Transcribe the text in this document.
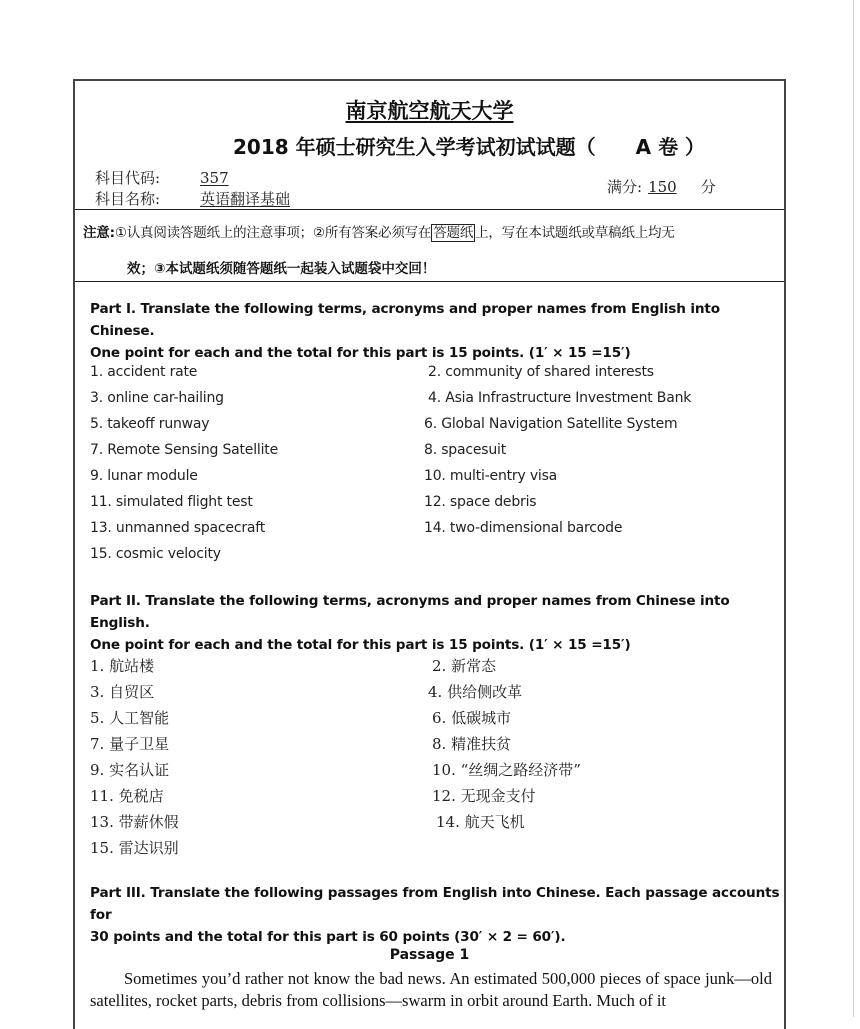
南京航空航天大学
2018 年硕士研究生入学考试初试试题（ A 卷 ）
科目代码:	357
科目名称:	英语翻译基础
满分: 150 分
注意:①认真阅读答题纸上的注意事项；②所有答案必须写在 答题纸 上，写在本试题纸或草稿纸上均无
效；③本试题纸须随答题纸一起装入试题袋中交回！
Part I. Translate the following terms, acronyms and proper names from English into Chinese.
One point for each and the total for this part is 15 points. (1′ × 15 =15′)
1. accident rate	2. community of shared interests
3. online car-hailing	4. Asia Infrastructure Investment Bank
5. takeoff runway	6. Global Navigation Satellite System
7. Remote Sensing Satellite	8. spacesuit
9. lunar module	10. multi-entry visa
11. simulated flight test	12. space debris
13. unmanned spacecraft	14. two-dimensional barcode
15. cosmic velocity
Part II. Translate the following terms, acronyms and proper names from Chinese into English.
One point for each and the total for this part is 15 points. (1′ × 15 =15′)
1. 航站楼	2. 新常态
3. 自贸区	4. 供给侧改革
5. 人工智能	6. 低碳城市
7. 量子卫星	8. 精准扶贫
9. 实名认证	10. “丝绸之路经济带”
11. 免税店	12. 无现金支付
13. 带薪休假	14. 航天飞机
15. 雷达识别
Part III. Translate the following passages from English into Chinese. Each passage accounts for
30 points and the total for this part is 60 points (30′ × 2 = 60′).
Passage 1
Sometimes you’d rather not know the bad news. An estimated 500,000 pieces of space junk—old satellites, rocket parts, debris from collisions—swarm in orbit around Earth. Much of it
